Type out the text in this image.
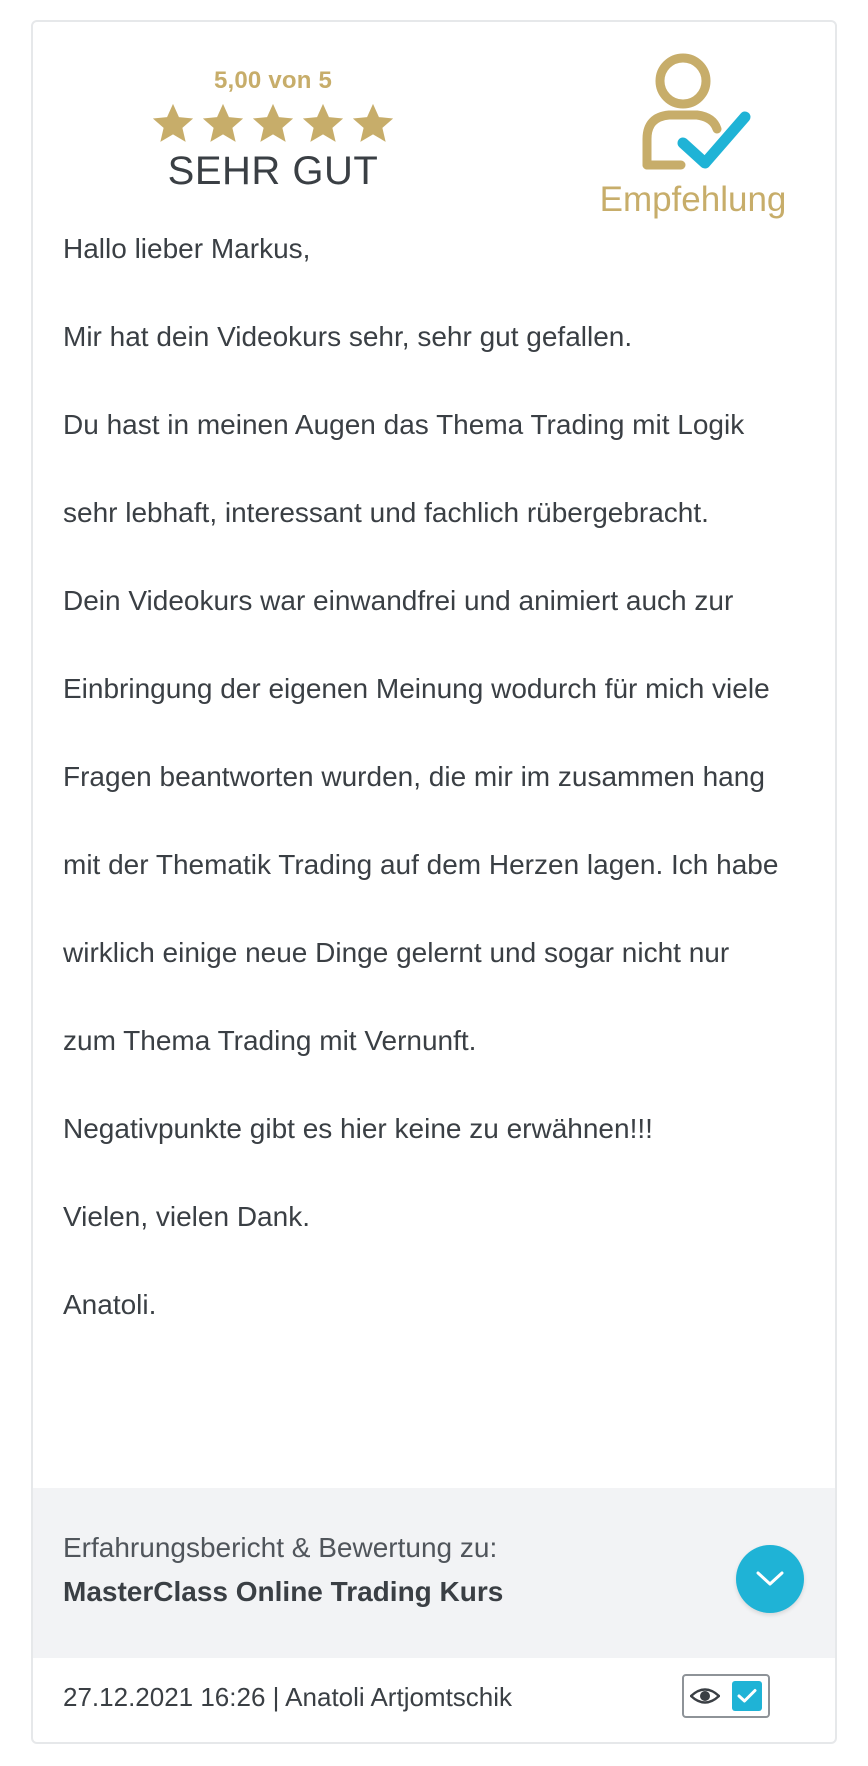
5,00 von 5
SEHR GUT
Empfehlung

Hallo lieber Markus,

Mir hat dein Videokurs sehr, sehr gut gefallen.

Du hast in meinen Augen das Thema Trading mit Logik

sehr lebhaft, interessant und fachlich rübergebracht.

Dein Videokurs war einwandfrei und animiert auch zur

Einbringung der eigenen Meinung wodurch für mich viele

Fragen beantworten wurden, die mir im zusammen hang

mit der Thematik Trading auf dem Herzen lagen. Ich habe

wirklich einige neue Dinge gelernt und sogar nicht nur

zum Thema Trading mit Vernunft.

Negativpunkte gibt es hier keine zu erwähnen!!!

Vielen, vielen Dank.

Anatoli.

Erfahrungsbericht & Bewertung zu:
MasterClass Online Trading Kurs
27.12.2021 16:26 | Anatoli Artjomtschik
